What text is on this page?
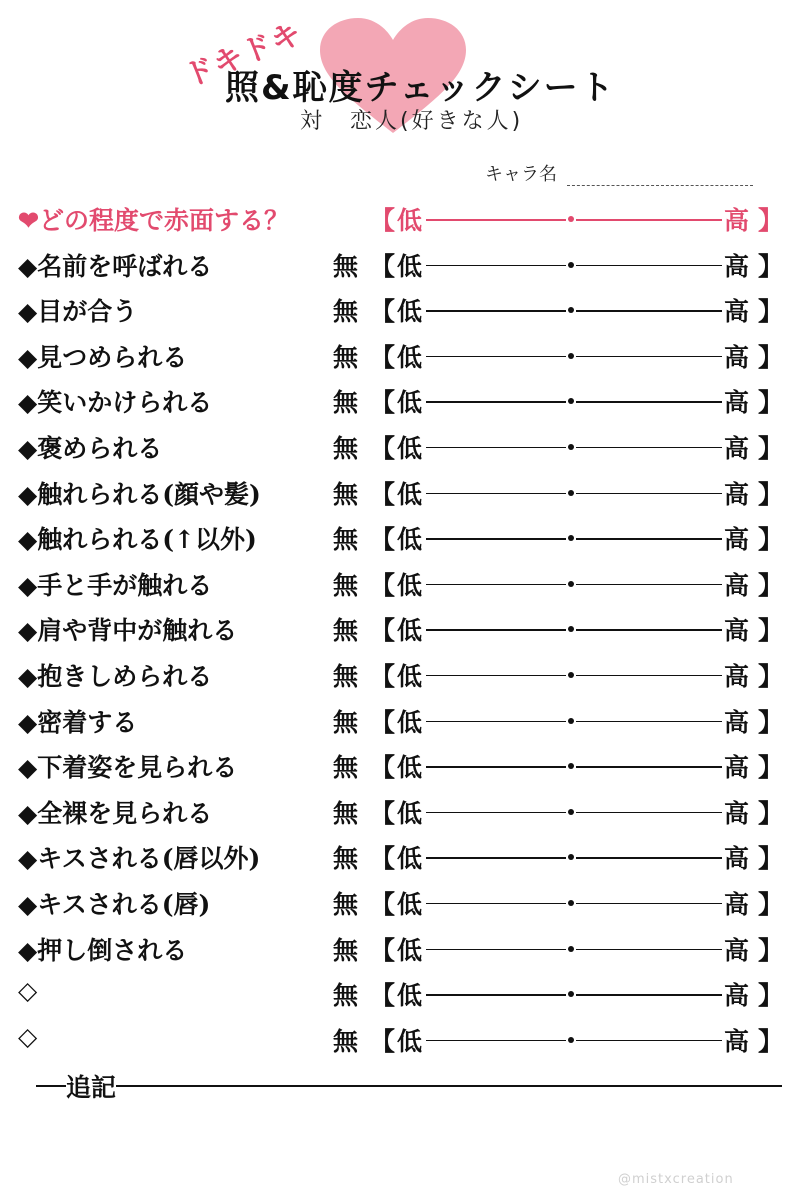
ドキドキ
照&恥度チェックシート
対　恋人(好きな人)
キャラ名
❤どの程度で赤面する？	【 低	高 】
◆名前を呼ばれる	無 【 低	高 】
◆目が合う	無 【 低	高 】
◆見つめられる	無 【 低	高 】
◆笑いかけられる	無 【 低	高 】
◆褒められる	無 【 低	高 】
◆触れられる(顔や髪)	無 【 低	高 】
◆触れられる(↑以外)	無 【 低	高 】
◆手と手が触れる	無 【 低	高 】
◆肩や背中が触れる	無 【 低	高 】
◆抱きしめられる	無 【 低	高 】
◆密着する	無 【 低	高 】
◆下着姿を見られる	無 【 低	高 】
◆全裸を見られる	無 【 低	高 】
◆キスされる(唇以外)	無 【 低	高 】
◆キスされる(唇)	無 【 低	高 】
◆押し倒される	無 【 低	高 】
◇	無 【 低	高 】
◇	無 【 低	高 】
追記
@mistxcreation
